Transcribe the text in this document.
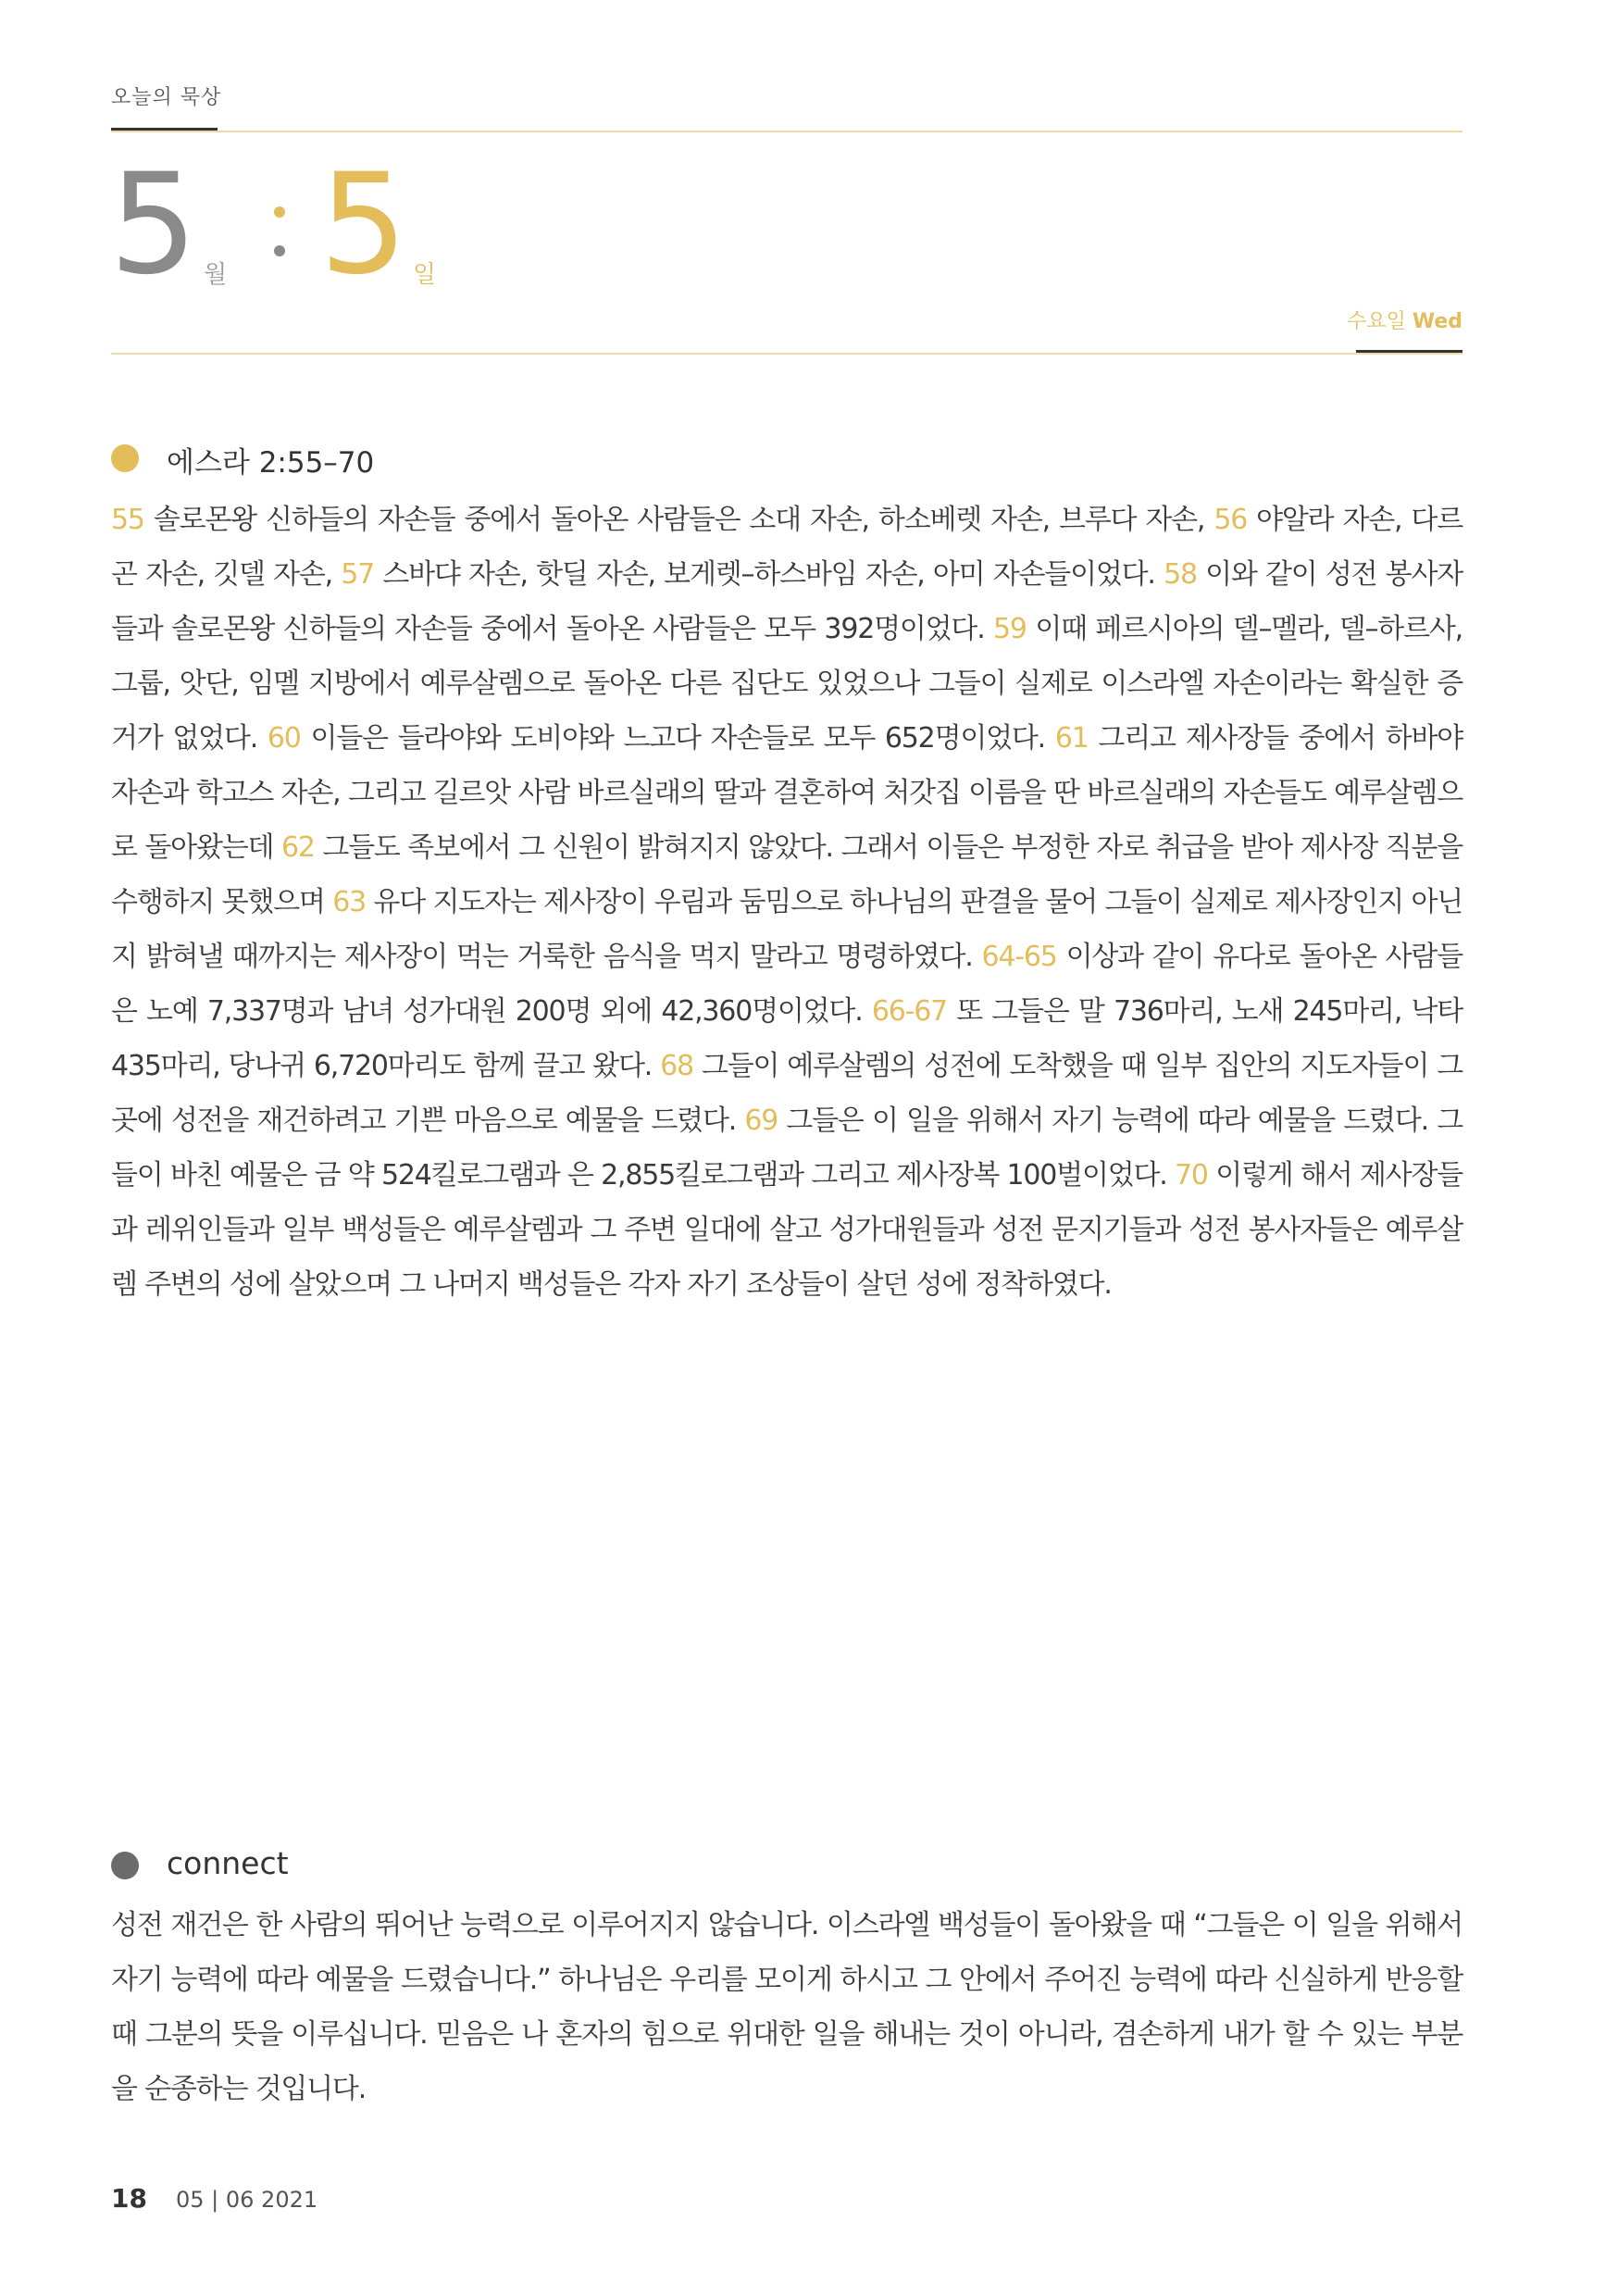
오늘의 묵상
5 월 5 일
수요일 Wed
에스라 2:55–70
55 솔로몬왕 신하들의 자손들 중에서 돌아온 사람들은 소대 자손, 하소베렛 자손, 브루다 자손, 56 야알라 자손, 다르곤 자손, 깃델 자손, 57 스바댜 자손, 핫딜 자손, 보게렛–하스바임 자손, 아미 자손들이었다. 58 이와 같이 성전 봉사자들과 솔로몬왕 신하들의 자손들 중에서 돌아온 사람들은 모두 392명이었다. 59 이때 페르시아의 델–멜라, 델–하르사, 그룹, 앗단, 임멜 지방에서 예루살렘으로 돌아온 다른 집단도 있었으나 그들이 실제로 이스라엘 자손이라는 확실한 증거가 없었다. 60 이들은 들라야와 도비야와 느고다 자손들로 모두 652명이었다. 61 그리고 제사장들 중에서 하바야 자손과 학고스 자손, 그리고 길르앗 사람 바르실래의 딸과 결혼하여 처갓집 이름을 딴 바르실래의 자손들도 예루살렘으로 돌아왔는데 62 그들도 족보에서 그 신원이 밝혀지지 않았다. 그래서 이들은 부정한 자로 취급을 받아 제사장 직분을 수행하지 못했으며 63 유다 지도자는 제사장이 우림과 둠밈으로 하나님의 판결을 물어 그들이 실제로 제사장인지 아닌지 밝혀낼 때까지는 제사장이 먹는 거룩한 음식을 먹지 말라고 명령하였다. 64-65 이상과 같이 유다로 돌아온 사람들은 노예 7,337명과 남녀 성가대원 200명 외에 42,360명이었다. 66-67 또 그들은 말 736마리, 노새 245마리, 낙타 435마리, 당나귀 6,720마리도 함께 끌고 왔다. 68 그들이 예루살렘의 성전에 도착했을 때 일부 집안의 지도자들이 그 곳에 성전을 재건하려고 기쁜 마음으로 예물을 드렸다. 69 그들은 이 일을 위해서 자기 능력에 따라 예물을 드렸다. 그들이 바친 예물은 금 약 524킬로그램과 은 2,855킬로그램과 그리고 제사장복 100벌이었다. 70 이렇게 해서 제사장들과 레위인들과 일부 백성들은 예루살렘과 그 주변 일대에 살고 성가대원들과 성전 문지기들과 성전 봉사자들은 예루살렘 주변의 성에 살았으며 그 나머지 백성들은 각자 자기 조상들이 살던 성에 정착하였다.
connect
성전 재건은 한 사람의 뛰어난 능력으로 이루어지지 않습니다. 이스라엘 백성들이 돌아왔을 때 “그들은 이 일을 위해서 자기 능력에 따라 예물을 드렸습니다.” 하나님은 우리를 모이게 하시고 그 안에서 주어진 능력에 따라 신실하게 반응할 때 그분의 뜻을 이루십니다. 믿음은 나 혼자의 힘으로 위대한 일을 해내는 것이 아니라, 겸손하게 내가 할 수 있는 부분을 순종하는 것입니다.
18 05 | 06 2021
